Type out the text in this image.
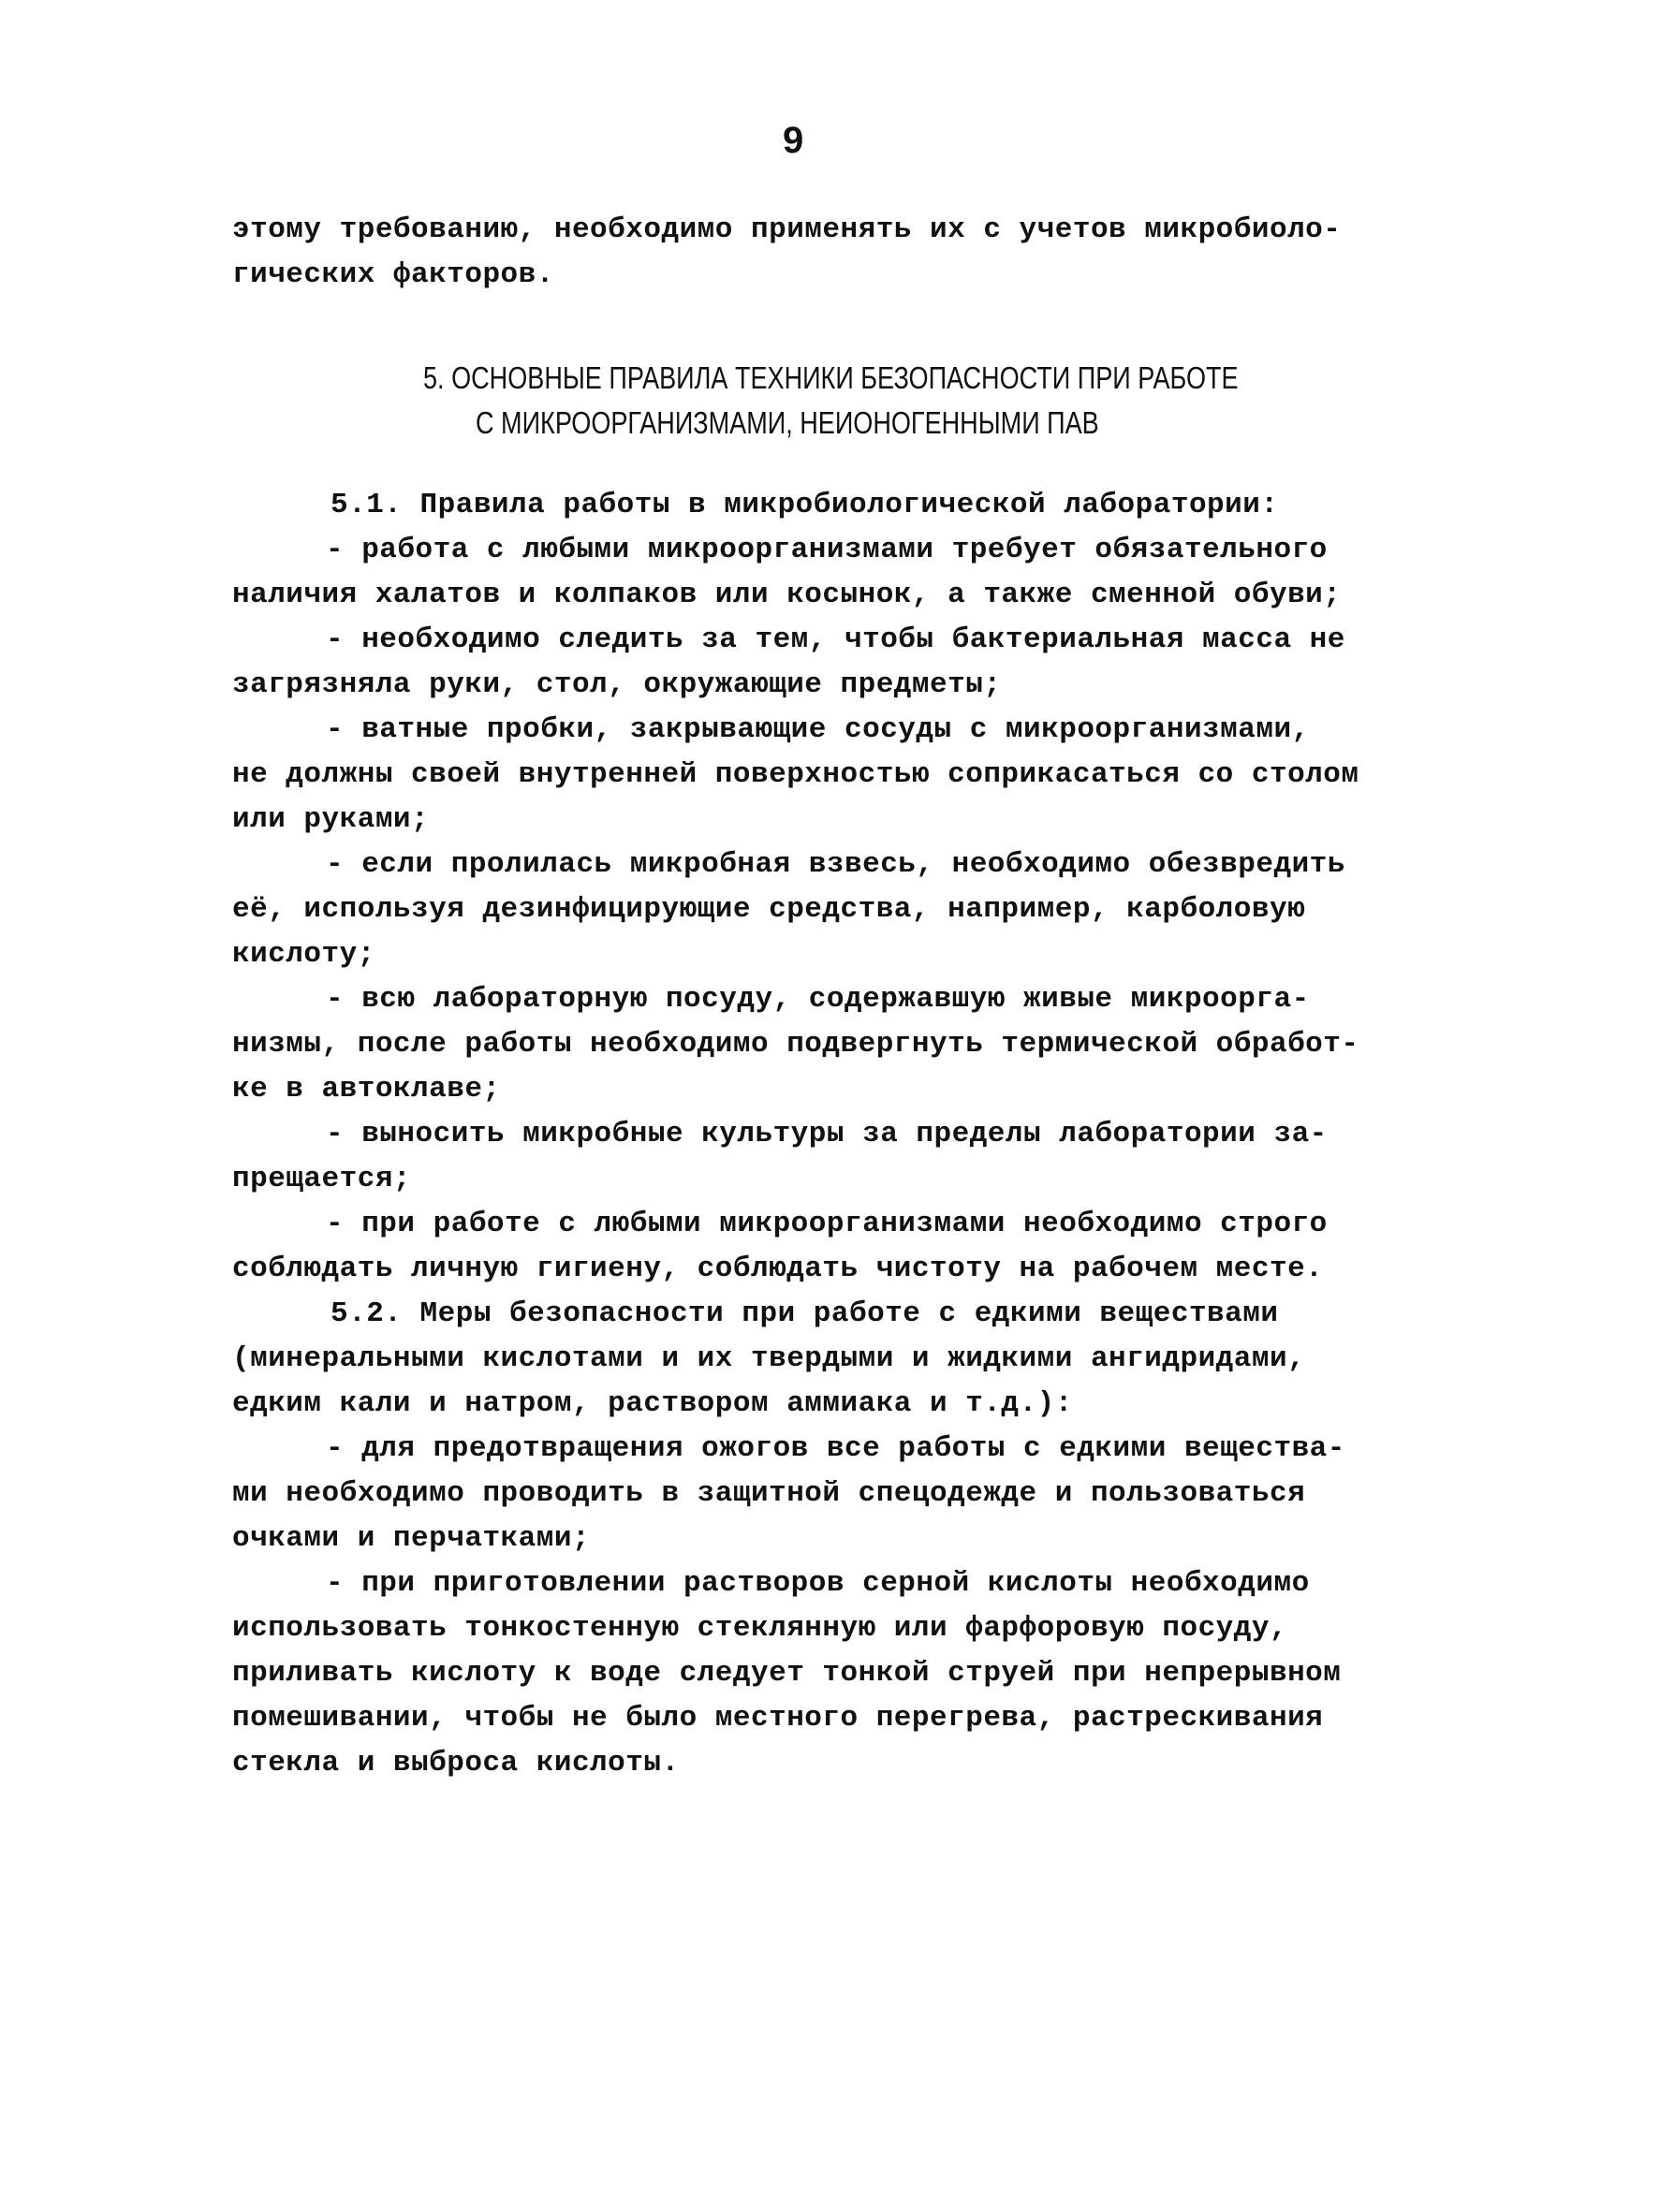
9
этому требованию, необходимо применять их с учетов микробиоло-
гических факторов.
5. ОСНОВНЫЕ ПРАВИЛА ТЕХНИКИ БЕЗОПАСНОСТИ ПРИ РАБОТЕ
С МИКРООРГАНИЗМАМИ, НЕИОНОГЕННЫМИ ПАВ
5.1. Правила работы в микробиологической лаборатории:
- работа с любыми микроорганизмами требует обязательного
наличия халатов и колпаков или косынок, а также сменной обуви;
- необходимо следить за тем, чтобы бактериальная масса не
загрязняла руки, стол, окружающие предметы;
- ватные пробки, закрывающие сосуды с микроорганизмами,
не должны своей внутренней поверхностью соприкасаться со столом
или руками;
- если пролилась микробная взвесь, необходимо обезвредить
её, используя дезинфицирующие средства, например, карболовую
кислоту;
- всю лабораторную посуду, содержавшую живые микроорга-
низмы, после работы необходимо подвергнуть термической обработ-
ке в автоклаве;
- выносить микробные культуры за пределы лаборатории за-
прещается;
- при работе с любыми микроорганизмами необходимо строго
соблюдать личную гигиену, соблюдать чистоту на рабочем месте.
5.2. Меры безопасности при работе с едкими веществами
(минеральными кислотами и их твердыми и жидкими ангидридами,
едким кали и натром, раствором аммиака и т.д.):
- для предотвращения ожогов все работы с едкими вещества-
ми необходимо проводить в защитной спецодежде и пользоваться
очками и перчатками;
- при приготовлении растворов серной кислоты необходимо
использовать тонкостенную стеклянную или фарфоровую посуду,
приливать кислоту к воде следует тонкой струей при непрерывном
помешивании, чтобы не было местного перегрева, растрескивания
стекла и выброса кислоты.
